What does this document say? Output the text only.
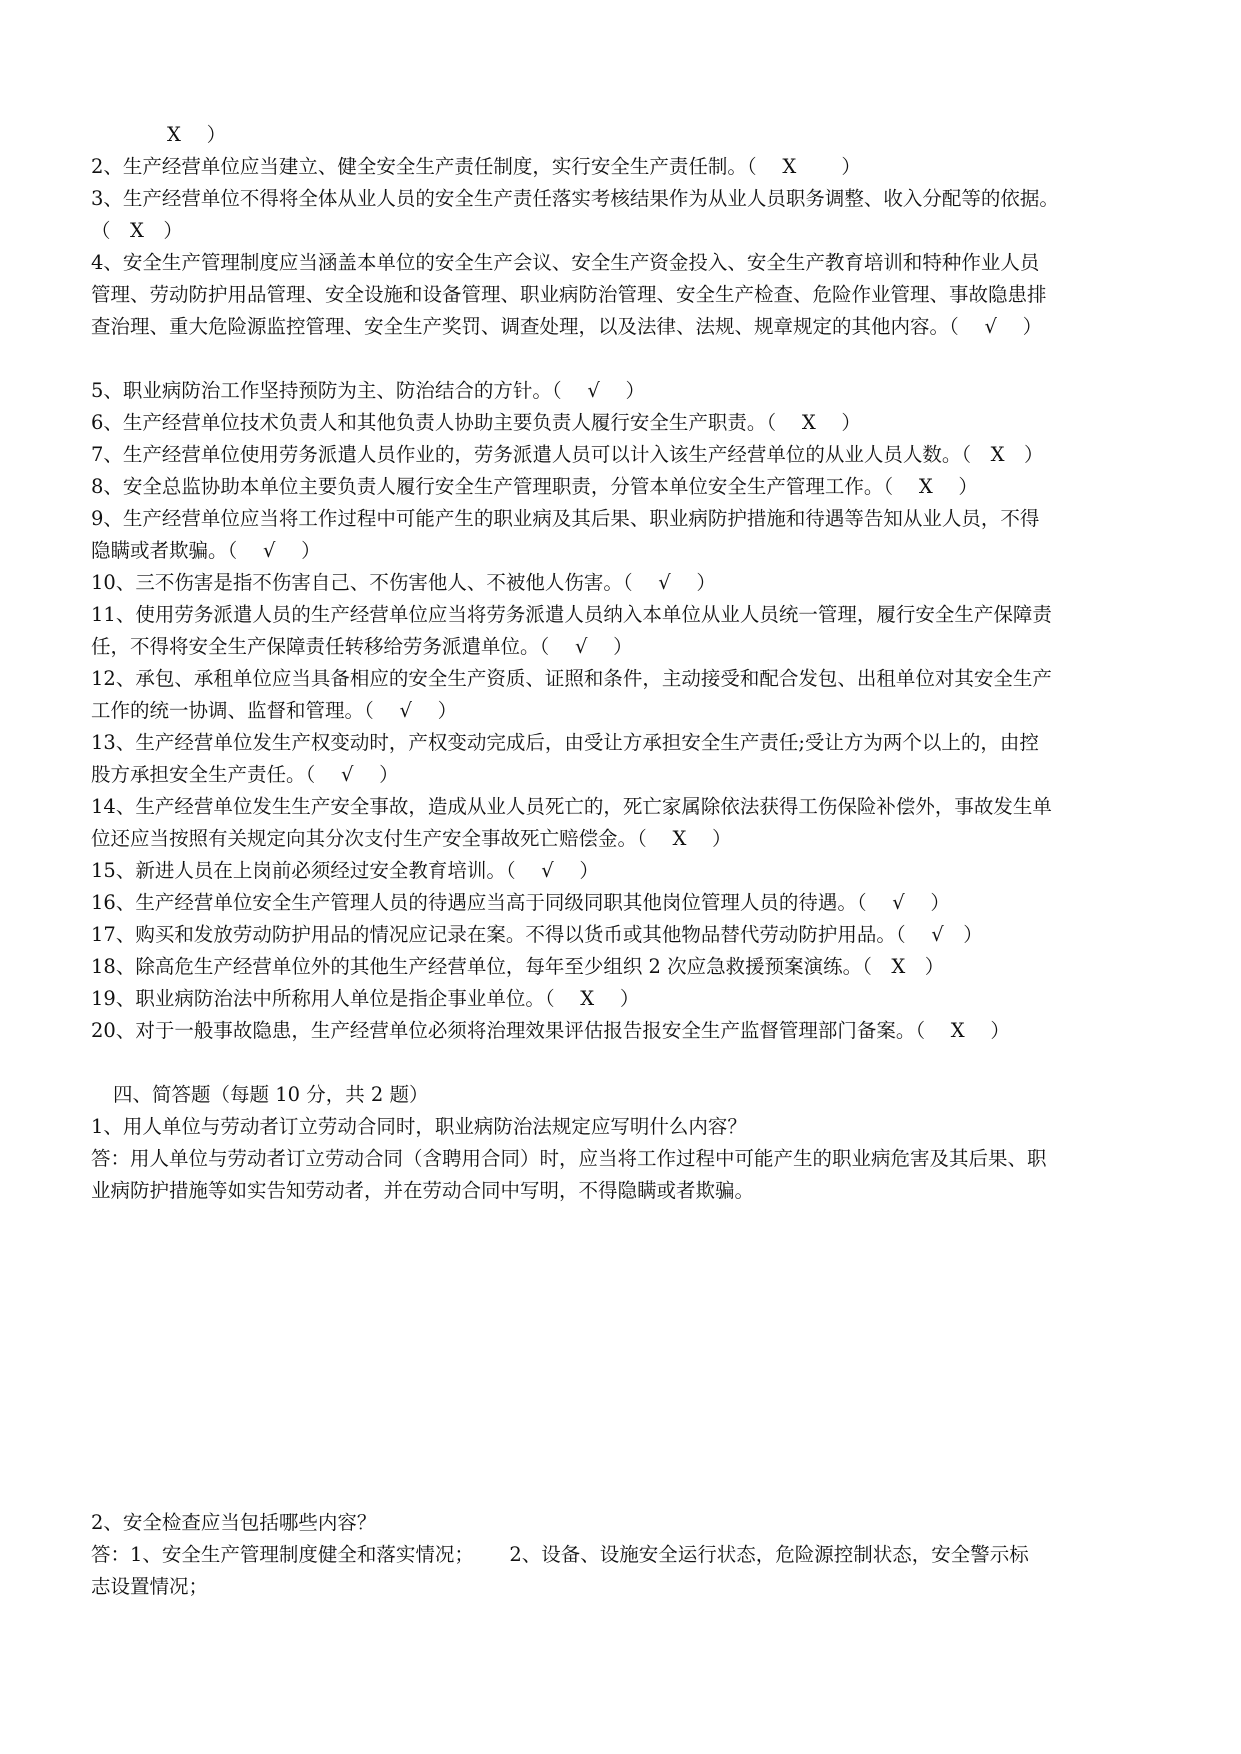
X　 ）
2、生产经营单位应当建立、健全安全生产责任制度，实行安全生产责任制。（　 X　　 ）
3、生产经营单位不得将全体从业人员的安全生产责任落实考核结果作为从业人员职务调整、收入分配等的依据。
（　X　）
4、安全生产管理制度应当涵盖本单位的安全生产会议、安全生产资金投入、安全生产教育培训和特种作业人员
管理、劳动防护用品管理、安全设施和设备管理、职业病防治管理、安全生产检查、危险作业管理、事故隐患排
查治理、重大危险源监控管理、安全生产奖罚、调查处理，以及法律、法规、规章规定的其他内容。（　 √　 ）
5、职业病防治工作坚持预防为主、防治结合的方针。（　 √　 ）
6、生产经营单位技术负责人和其他负责人协助主要负责人履行安全生产职责。（　 X　 ）
7、生产经营单位使用劳务派遣人员作业的，劳务派遣人员可以计入该生产经营单位的从业人员人数。（　X　）
8、安全总监协助本单位主要负责人履行安全生产管理职责，分管本单位安全生产管理工作。（　 X　 ）
9、生产经营单位应当将工作过程中可能产生的职业病及其后果、职业病防护措施和待遇等告知从业人员，不得
隐瞒或者欺骗。（　 √　 ）
10、三不伤害是指不伤害自己、不伤害他人、不被他人伤害。（　 √　 ）
11、使用劳务派遣人员的生产经营单位应当将劳务派遣人员纳入本单位从业人员统一管理，履行安全生产保障责
任，不得将安全生产保障责任转移给劳务派遣单位。（　 √　 ）
12、承包、承租单位应当具备相应的安全生产资质、证照和条件，主动接受和配合发包、出租单位对其安全生产
工作的统一协调、监督和管理。（　 √　 ）
13、生产经营单位发生产权变动时，产权变动完成后，由受让方承担安全生产责任;受让方为两个以上的，由控
股方承担安全生产责任。（　 √　 ）
14、生产经营单位发生生产安全事故，造成从业人员死亡的，死亡家属除依法获得工伤保险补偿外，事故发生单
位还应当按照有关规定向其分次支付生产安全事故死亡赔偿金。（　 X　 ）
15、新进人员在上岗前必须经过安全教育培训。（　 √　 ）
16、生产经营单位安全生产管理人员的待遇应当高于同级同职其他岗位管理人员的待遇。（　 √　 ）
17、购买和发放劳动防护用品的情况应记录在案。不得以货币或其他物品替代劳动防护用品。（　 √　）
18、除高危生产经营单位外的其他生产经营单位，每年至少组织 2 次应急救援预案演练。（　X　）
19、职业病防治法中所称用人单位是指企事业单位。（　 X　 ）
20、对于一般事故隐患，生产经营单位必须将治理效果评估报告报安全生产监督管理部门备案。（　 X　 ）
四、简答题（每题 10 分，共 2 题）
1、用人单位与劳动者订立劳动合同时，职业病防治法规定应写明什么内容？
答：用人单位与劳动者订立劳动合同（含聘用合同）时，应当将工作过程中可能产生的职业病危害及其后果、职
业病防护措施等如实告知劳动者，并在劳动合同中写明，不得隐瞒或者欺骗。
2、安全检查应当包括哪些内容？
答：1、安全生产管理制度健全和落实情况；　　 2、设备、设施安全运行状态，危险源控制状态，安全警示标
志设置情况；
